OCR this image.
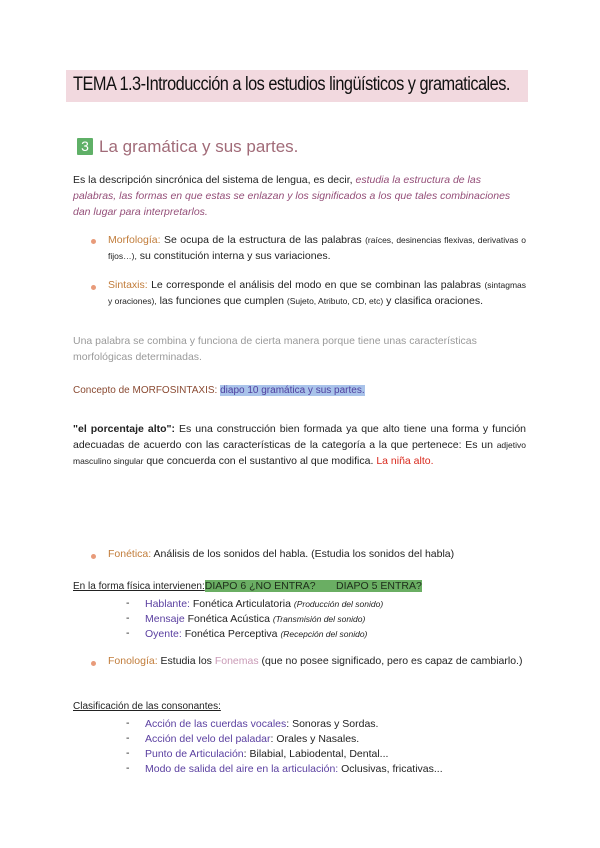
TEMA 1.3-Introducción a los estudios lingüísticos y gramaticales.
3 La gramática y sus partes.
Es la descripción sincrónica del sistema de lengua, es decir, estudia la estructura de las palabras, las formas en que estas se enlazan y los significados a los que tales combinaciones dan lugar para interpretarlos.
Morfología: Se ocupa de la estructura de las palabras (raíces, desinencias flexivas, derivativas o fijos…), su constitución interna y sus variaciones.
Sintaxis: Le corresponde el análisis del modo en que se combinan las palabras (sintagmas y oraciones), las funciones que cumplen (Sujeto, Atributo, CD, etc) y clasifica oraciones.
Una palabra se combina y funciona de cierta manera porque tiene unas características morfológicas determinadas.
Concepto de MORFOSINTAXIS: diapo 10 gramática y sus partes.
"el porcentaje alto": Es una construcción bien formada ya que alto tiene una forma y función adecuadas de acuerdo con las características de la categoría a la que pertenece: Es un adjetivo masculino singular que concuerda con el sustantivo al que modifica. La niña alto.
Fonética: Análisis de los sonidos del habla. (Estudia los sonidos del habla)
En la forma física intervienen:DIAPO 6 ¿NO ENTRA?       DIAPO 5 ENTRA?
- Hablante: Fonética Articulatoria (Producción del sonido)
- Mensaje Fonética Acústica (Transmisión del sonido)
- Oyente: Fonética Perceptiva (Recepción del sonido)
Fonología: Estudia los Fonemas (que no posee significado, pero es capaz de cambiarlo.)
Clasificación de las consonantes:
- Acción de las cuerdas vocales: Sonoras y Sordas.
- Acción del velo del paladar: Orales y Nasales.
- Punto de Articulación: Bilabial, Labiodental, Dental...
- Modo de salida del aire en la articulación: Oclusivas, fricativas...
